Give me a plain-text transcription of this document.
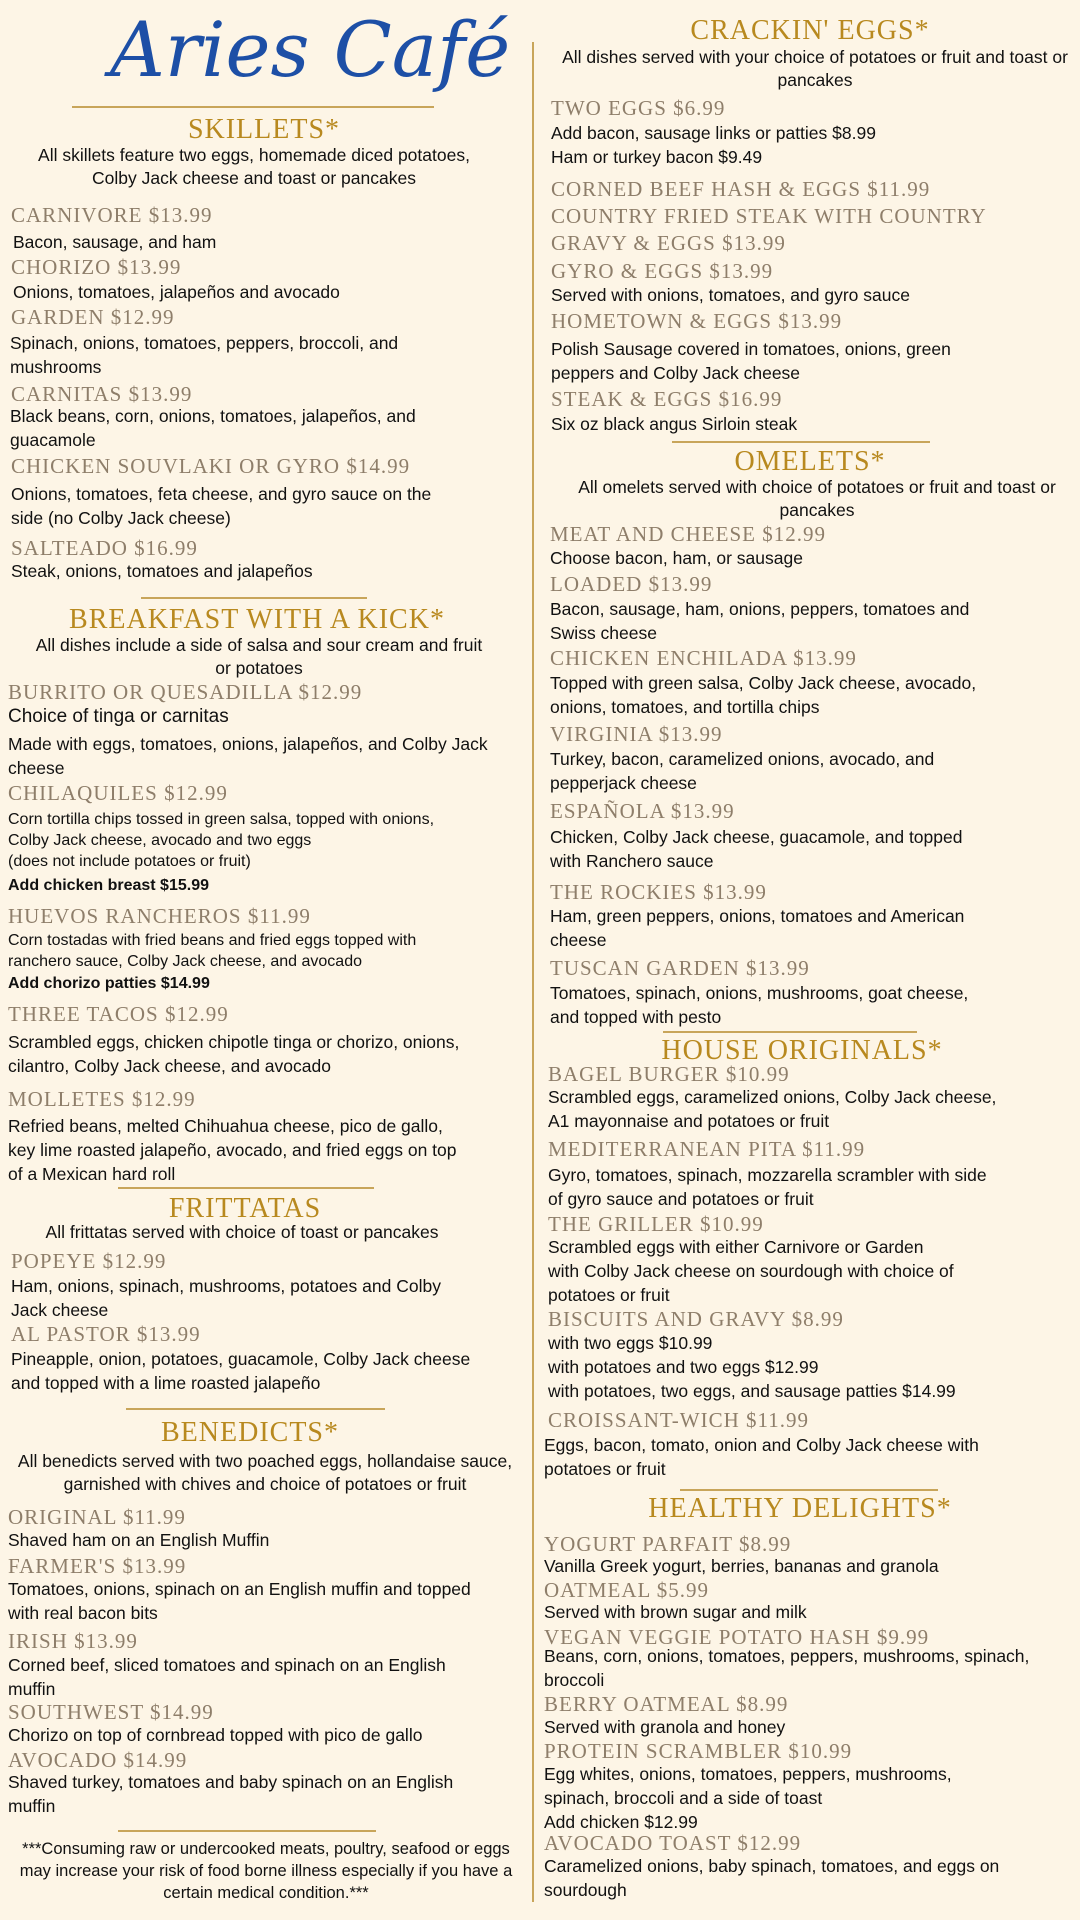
Aries Café
SKILLETS*
All skillets feature two eggs, homemade diced potatoes, Colby Jack cheese and toast or pancakes
CARNIVORE $13.99
Bacon, sausage, and ham
CHORIZO $13.99
Onions, tomatoes, jalapeños and avocado
GARDEN $12.99
Spinach, onions, tomatoes, peppers, broccoli, and
mushrooms
CARNITAS $13.99
Black beans, corn, onions, tomatoes, jalapeños, and
guacamole
CHICKEN SOUVLAKI OR GYRO $14.99
Onions, tomatoes, feta cheese, and gyro sauce on the
side (no Colby Jack cheese)
SALTEADO $16.99
Steak, onions, tomatoes and jalapeños
BREAKFAST WITH A KICK*
All dishes include a side of salsa and sour cream and fruit or potatoes
BURRITO OR QUESADILLA $12.99
Choice of tinga or carnitas
Made with eggs, tomatoes, onions, jalapeños, and Colby Jack
cheese
CHILAQUILES $12.99
Corn tortilla chips tossed in green salsa, topped with onions,
Colby Jack cheese, avocado and two eggs
(does not include potatoes or fruit)
Add chicken breast $15.99
HUEVOS RANCHEROS $11.99
Corn tostadas with fried beans and fried eggs topped with
ranchero sauce, Colby Jack cheese, and avocado
Add chorizo patties $14.99
THREE TACOS $12.99
Scrambled eggs, chicken chipotle tinga or chorizo, onions,
cilantro, Colby Jack cheese, and avocado
MOLLETES $12.99
Refried beans, melted Chihuahua cheese, pico de gallo,
key lime roasted jalapeño, avocado, and fried eggs on top
of a Mexican hard roll
FRITTATAS
All frittatas served with choice of toast or pancakes
POPEYE $12.99
Ham, onions, spinach, mushrooms, potatoes and Colby
Jack cheese
AL PASTOR $13.99
Pineapple, onion, potatoes, guacamole, Colby Jack cheese
and topped with a lime roasted jalapeño
BENEDICTS*
All benedicts served with two poached eggs, hollandaise sauce, garnished with chives and choice of potatoes or fruit
ORIGINAL $11.99
Shaved ham on an English Muffin
FARMER'S $13.99
Tomatoes, onions, spinach on an English muffin and topped
with real bacon bits
IRISH $13.99
Corned beef, sliced tomatoes and spinach on an English
muffin
SOUTHWEST $14.99
Chorizo on top of cornbread topped with pico de gallo
AVOCADO $14.99
Shaved turkey, tomatoes and baby spinach on an English
muffin
***Consuming raw or undercooked meats, poultry, seafood or eggs
may increase your risk of food borne illness especially if you have a
certain medical condition.***
CRACKIN' EGGS*
All dishes served with your choice of potatoes or fruit and toast or pancakes
TWO EGGS $6.99
Add bacon, sausage links or patties $8.99
Ham or turkey bacon $9.49
CORNED BEEF HASH & EGGS $11.99
COUNTRY FRIED STEAK WITH COUNTRY
GRAVY & EGGS $13.99
GYRO & EGGS $13.99
Served with onions, tomatoes, and gyro sauce
HOMETOWN & EGGS $13.99
Polish Sausage covered in tomatoes, onions, green
peppers and Colby Jack cheese
STEAK & EGGS $16.99
Six oz black angus Sirloin steak
OMELETS*
All omelets served with choice of potatoes or fruit and toast or pancakes
MEAT AND CHEESE $12.99
Choose bacon, ham, or sausage
LOADED $13.99
Bacon, sausage, ham, onions, peppers, tomatoes and
Swiss cheese
CHICKEN ENCHILADA $13.99
Topped with green salsa, Colby Jack cheese, avocado,
onions, tomatoes, and tortilla chips
VIRGINIA $13.99
Turkey, bacon, caramelized onions, avocado, and
pepperjack cheese
ESPAÑOLA $13.99
Chicken, Colby Jack cheese, guacamole, and topped
with Ranchero sauce
THE ROCKIES $13.99
Ham, green peppers, onions, tomatoes and American
cheese
TUSCAN GARDEN $13.99
Tomatoes, spinach, onions, mushrooms, goat cheese,
and topped with pesto
HOUSE ORIGINALS*
BAGEL BURGER $10.99
Scrambled eggs, caramelized onions, Colby Jack cheese,
A1 mayonnaise and potatoes or fruit
MEDITERRANEAN PITA $11.99
Gyro, tomatoes, spinach, mozzarella scrambler with side
of gyro sauce and potatoes or fruit
THE GRILLER $10.99
Scrambled eggs with either Carnivore or Garden
with Colby Jack cheese on sourdough with choice of
potatoes or fruit
BISCUITS AND GRAVY $8.99
with two eggs $10.99
with potatoes and two eggs $12.99
with potatoes, two eggs, and sausage patties $14.99
CROISSANT-WICH $11.99
Eggs, bacon, tomato, onion and Colby Jack cheese with
potatoes or fruit
HEALTHY DELIGHTS*
YOGURT PARFAIT $8.99
Vanilla Greek yogurt, berries, bananas and granola
OATMEAL $5.99
Served with brown sugar and milk
VEGAN VEGGIE POTATO HASH $9.99
Beans, corn, onions, tomatoes, peppers, mushrooms, spinach,
broccoli
BERRY OATMEAL $8.99
Served with granola and honey
PROTEIN SCRAMBLER $10.99
Egg whites, onions, tomatoes, peppers, mushrooms,
spinach, broccoli and a side of toast
Add chicken $12.99
AVOCADO TOAST $12.99
Caramelized onions, baby spinach, tomatoes, and eggs on
sourdough
